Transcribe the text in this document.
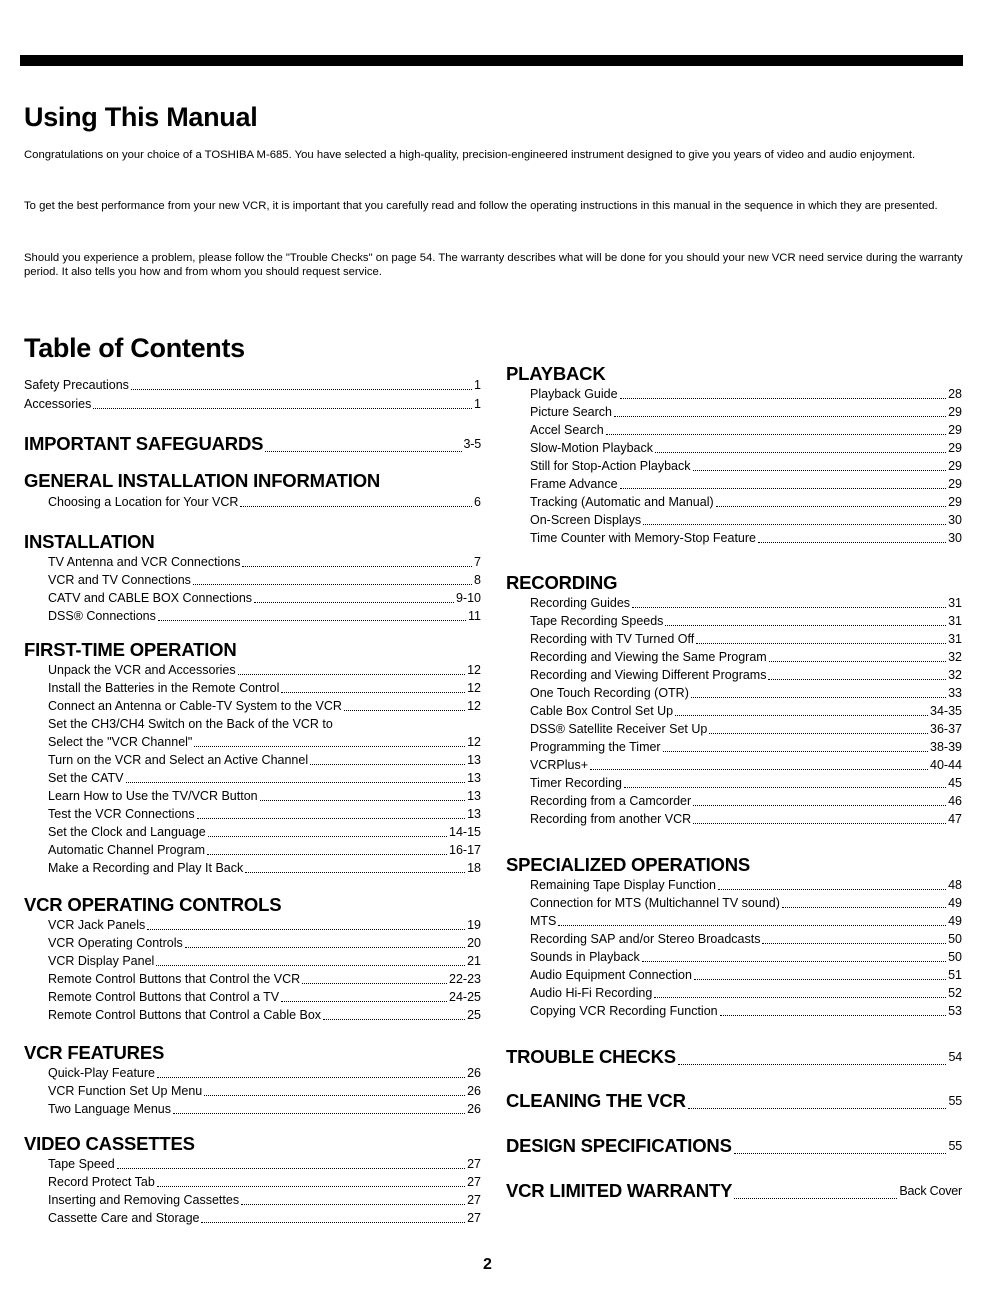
Using This Manual

Congratulations on your choice of a TOSHIBA M-685. You have selected a high-quality, precision-engineered instrument designed to give you years of video and audio enjoyment.

To get the best performance from your new VCR, it is important that you carefully read and follow the operating instructions in this manual in the sequence in which they are presented.

Should you experience a problem, please follow the "Trouble Checks" on page 54. The warranty describes what will be done for you should your new VCR need service during the warranty period. It also tells you how and from whom you should request service.

Table of Contents
Safety Precautions	1
Accessories	1
IMPORTANT SAFEGUARDS	3-5
GENERAL INSTALLATION INFORMATION
Choosing a Location for Your VCR	6
INSTALLATION
TV Antenna and VCR Connections	7
VCR and TV Connections	8
CATV and CABLE BOX Connections	9-10
DSS® Connections	11
FIRST-TIME OPERATION
Unpack the VCR and Accessories	12
Install the Batteries in the Remote Control	12
Connect an Antenna or Cable-TV System to the VCR	12
Set the CH3/CH4 Switch on the Back of the VCR to
Select the "VCR Channel"	12
Turn on the VCR and Select an Active Channel	13
Set the CATV	13
Learn How to Use the TV/VCR Button	13
Test the VCR Connections	13
Set the Clock and Language	14-15
Automatic Channel Program	16-17
Make a Recording and Play It Back	18
VCR OPERATING CONTROLS
VCR Jack Panels	19
VCR Operating Controls	20
VCR Display Panel	21
Remote Control Buttons that Control the VCR	22-23
Remote Control Buttons that Control a TV	24-25
Remote Control Buttons that Control a Cable Box	25
VCR FEATURES
Quick-Play Feature	26
VCR Function Set Up Menu	26
Two Language Menus	26
VIDEO CASSETTES
Tape Speed	27
Record Protect Tab	27
Inserting and Removing Cassettes	27
Cassette Care and Storage	27
PLAYBACK
Playback Guide	28
Picture Search	29
Accel Search	29
Slow-Motion Playback	29
Still for Stop-Action Playback	29
Frame Advance	29
Tracking (Automatic and Manual)	29
On-Screen Displays	30
Time Counter with Memory-Stop Feature	30
RECORDING
Recording Guides	31
Tape Recording Speeds	31
Recording with TV Turned Off	31
Recording and Viewing the Same Program	32
Recording and Viewing Different Programs	32
One Touch Recording (OTR)	33
Cable Box Control Set Up	34-35
DSS® Satellite Receiver Set Up	36-37
Programming the Timer	38-39
VCRPlus+	40-44
Timer Recording	45
Recording from a Camcorder	46
Recording from another VCR	47
SPECIALIZED OPERATIONS
Remaining Tape Display Function	48
Connection for MTS (Multichannel TV sound)	49
MTS	49
Recording SAP and/or Stereo Broadcasts	50
Sounds in Playback	50
Audio Equipment Connection	51
Audio Hi-Fi Recording	52
Copying VCR Recording Function	53
TROUBLE CHECKS	54
CLEANING THE VCR	55
DESIGN SPECIFICATIONS	55
VCR LIMITED WARRANTY	Back Cover
2
